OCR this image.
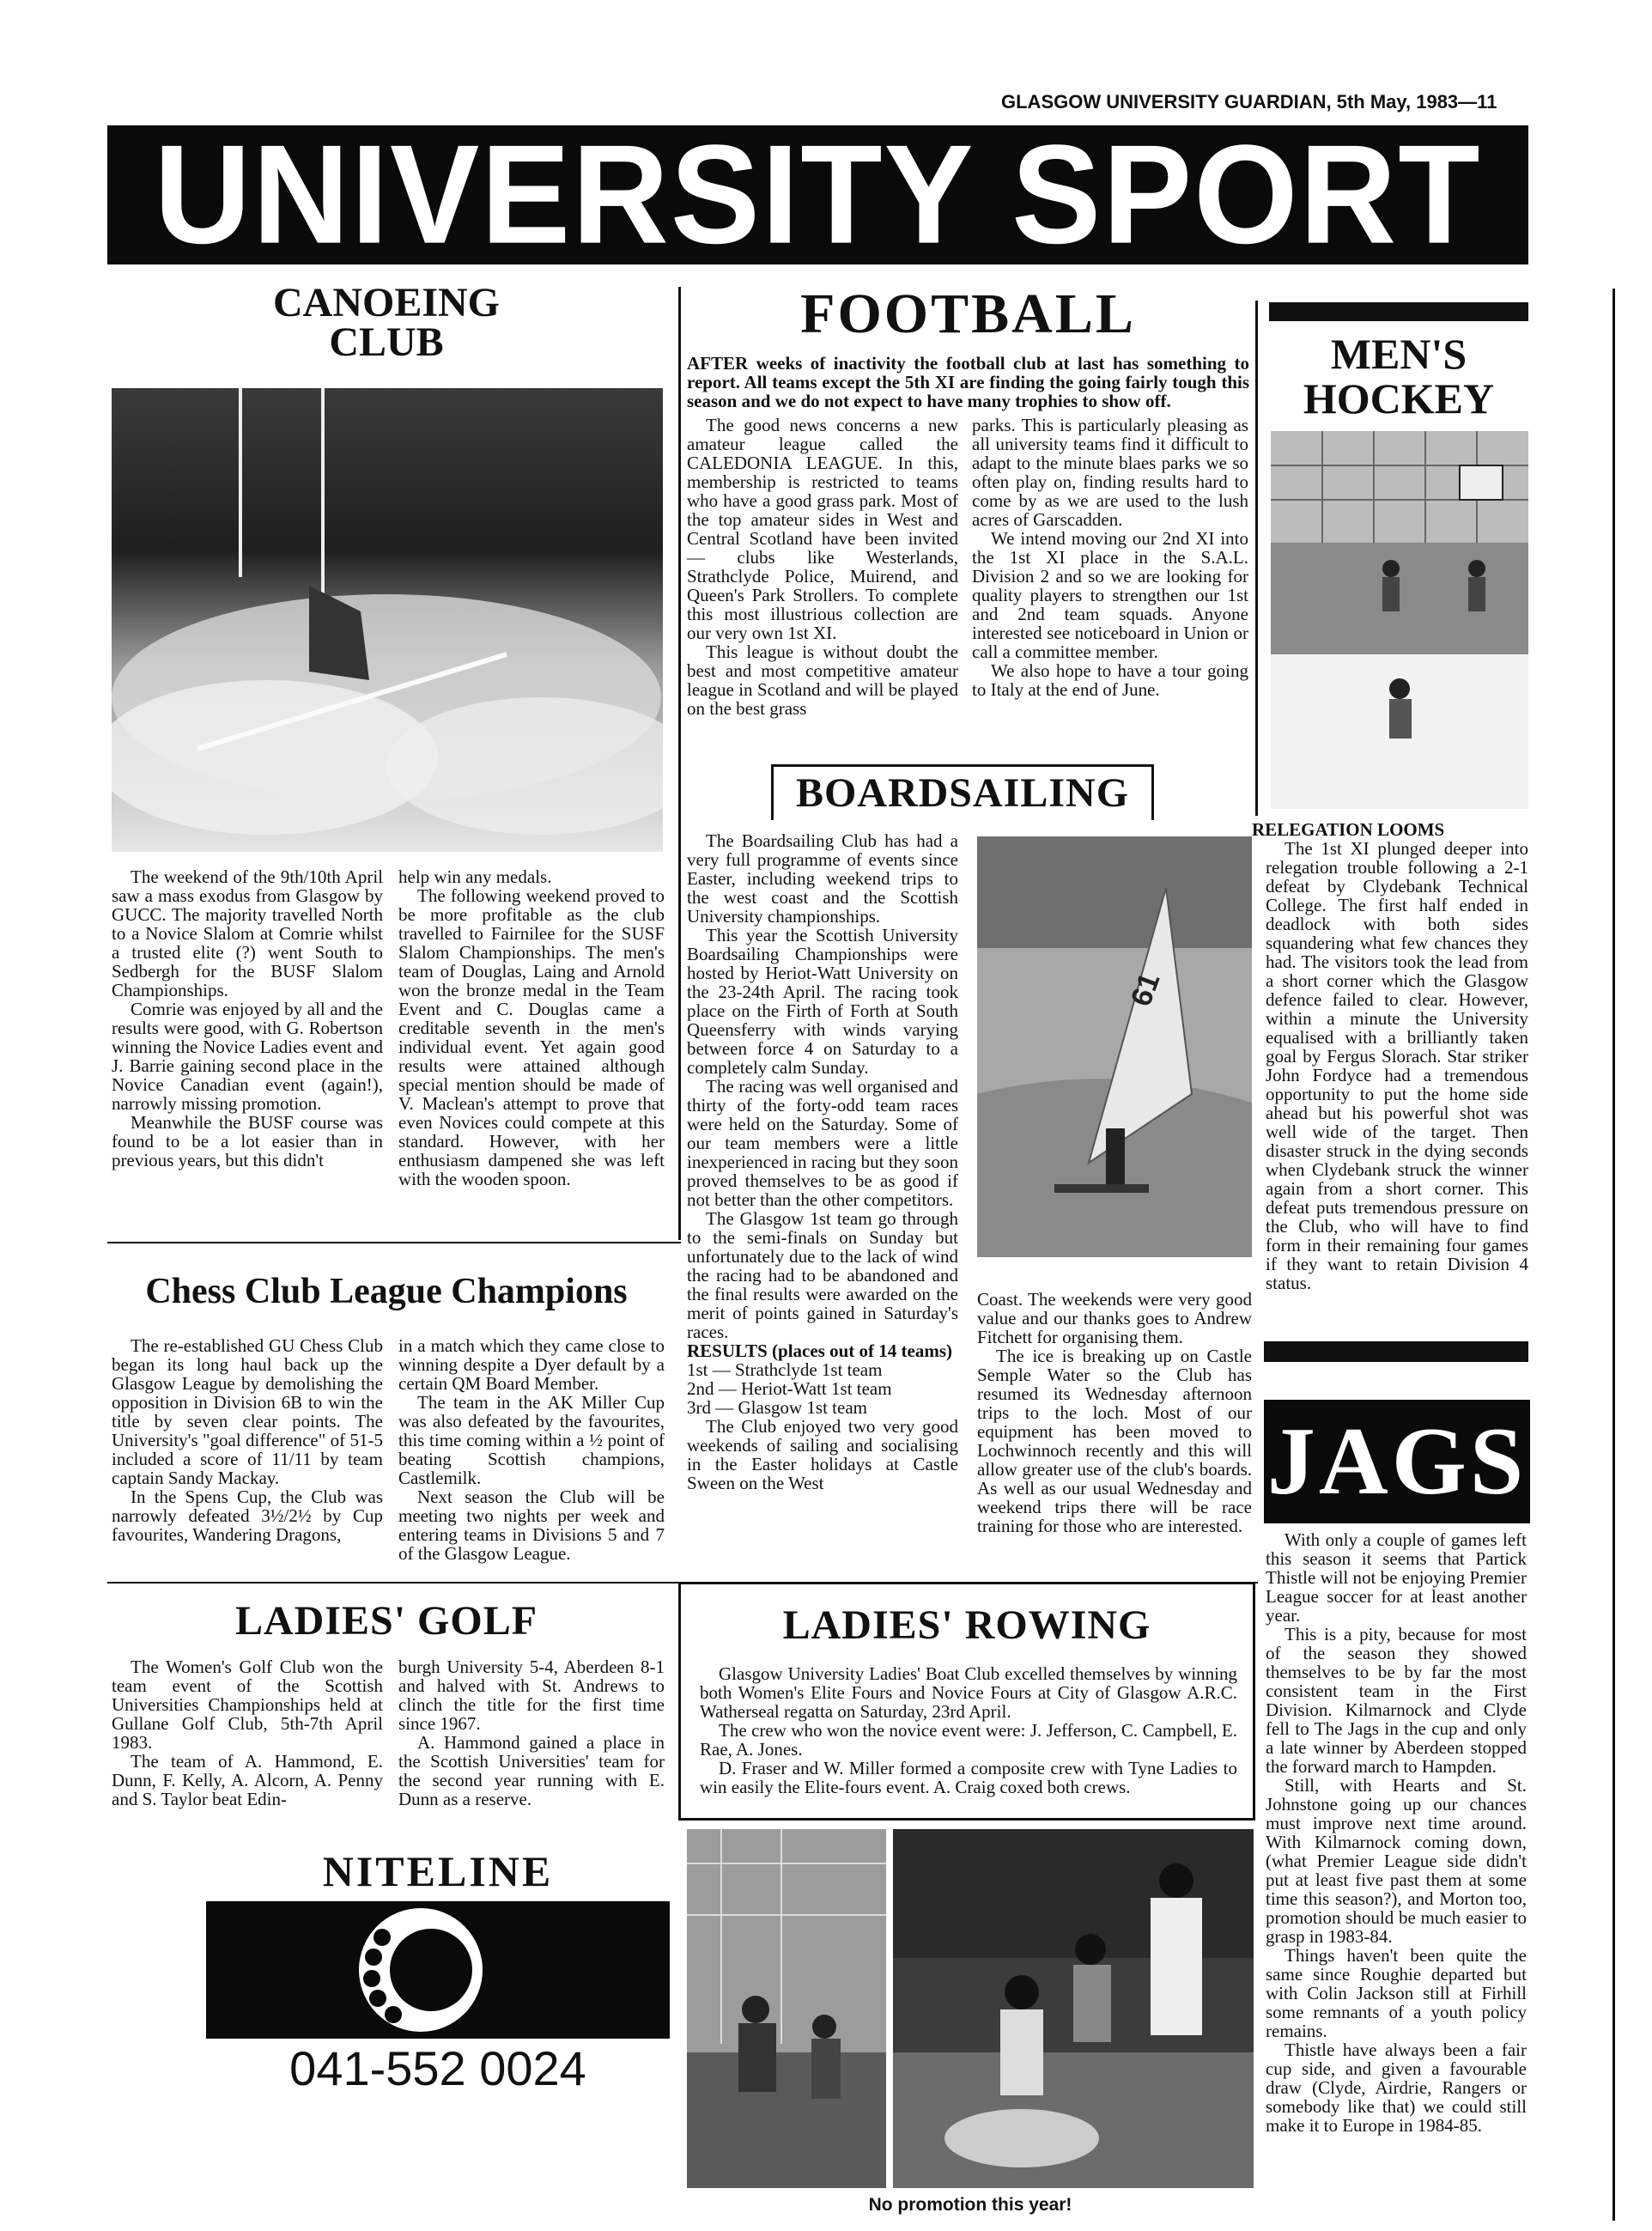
GLASGOW UNIVERSITY GUARDIAN, 5th May, 1983—11
UNIVERSITY SPORT
CANOEING
CLUB

The weekend of the 9th/10th April saw a mass exodus from Glasgow by GUCC. The majority travelled North to a Novice Slalom at Comrie whilst a trusted elite (?) went South to Sedbergh for the BUSF Slalom Championships.

Comrie was enjoyed by all and the results were good, with G. Robertson winning the Novice Ladies event and J. Barrie gaining second place in the Novice Canadian event (again!), narrowly missing promotion.

Meanwhile the BUSF course was found to be a lot easier than in previous years, but this didn't

help win any medals.

The following weekend proved to be more profitable as the club travelled to Fairnilee for the SUSF Slalom Championships. The men's team of Douglas, Laing and Arnold won the bronze medal in the Team Event and C. Douglas came a creditable seventh in the men's individual event. Yet again good results were attained although special mention should be made of V. Maclean's attempt to prove that even Novices could compete at this standard. However, with her enthusiasm dampened she was left with the wooden spoon.

Chess Club League Champions

The re-established GU Chess Club began its long haul back up the Glasgow League by demolishing the opposition in Division 6B to win the title by seven clear points. The University's "goal difference" of 51-5 included a score of 11/11 by team captain Sandy Mackay.

In the Spens Cup, the Club was narrowly defeated 3½/2½ by Cup favourites, Wandering Dragons,

in a match which they came close to winning despite a Dyer default by a certain QM Board Member.

The team in the AK Miller Cup was also defeated by the favourites, this time coming within a ½ point of beating Scottish champions, Castlemilk.

Next season the Club will be meeting two nights per week and entering teams in Divisions 5 and 7 of the Glasgow League.

FOOTBALL
AFTER weeks of inactivity the football club at last has something to report. All teams except the 5th XI are finding the going fairly tough this season and we do not expect to have many trophies to show off.

The good news concerns a new amateur league called the CALEDONIA LEAGUE. In this, membership is restricted to teams who have a good grass park. Most of the top amateur sides in West and Central Scotland have been invited — clubs like Westerlands, Strathclyde Police, Muirend, and Queen's Park Strollers. To complete this most illustrious collection are our very own 1st XI.

This league is without doubt the best and most competitive amateur league in Scotland and will be played on the best grass

parks. This is particularly pleasing as all university teams find it difficult to adapt to the minute blaes parks we so often play on, finding results hard to come by as we are used to the lush acres of Garscadden.

We intend moving our 2nd XI into the 1st XI place in the S.A.L. Division 2 and so we are looking for quality players to strengthen our 1st and 2nd team squads. Anyone interested see noticeboard in Union or call a committee member.

We also hope to have a tour going to Italy at the end of June.

BOARDSAILING

The Boardsailing Club has had a very full programme of events since Easter, including weekend trips to the west coast and the Scottish University championships.

This year the Scottish University Boardsailing Championships were hosted by Heriot-Watt University on the 23-24th April. The racing took place on the Firth of Forth at South Queensferry with winds varying between force 4 on Saturday to a completely calm Sunday.

The racing was well organised and thirty of the forty-odd team races were held on the Saturday. Some of our team members were a little inexperienced in racing but they soon proved themselves to be as good if not better than the other competitors.

The Glasgow 1st team go through to the semi-finals on Sunday but unfortunately due to the lack of wind the racing had to be abandoned and the final results were awarded on the merit of points gained in Saturday's races.

RESULTS (places out of 14 teams)
1st — Strathclyde 1st team
2nd — Heriot-Watt 1st team
3rd — Glasgow 1st team

The Club enjoyed two very good weekends of sailing and socialising in the Easter holidays at Castle Sween on the West

61

Coast. The weekends were very good value and our thanks goes to Andrew Fitchett for organising them.

The ice is breaking up on Castle Semple Water so the Club has resumed its Wednesday afternoon trips to the loch. Most of our equipment has been moved to Lochwinnoch recently and this will allow greater use of the club's boards. As well as our usual Wednesday and weekend trips there will be race training for those who are interested.

MEN'S
HOCKEY
RELEGATION LOOMS

The 1st XI plunged deeper into relegation trouble following a 2-1 defeat by Clydebank Technical College. The first half ended in deadlock with both sides squandering what few chances they had. The visitors took the lead from a short corner which the Glasgow defence failed to clear. However, within a minute the University equalised with a brilliantly taken goal by Fergus Slorach. Star striker John Fordyce had a tremendous opportunity to put the home side ahead but his powerful shot was well wide of the target. Then disaster struck in the dying seconds when Clydebank struck the winner again from a short corner. This defeat puts tremendous pressure on the Club, who will have to find form in their remaining four games if they want to retain Division 4 status.

JAGS

With only a couple of games left this season it seems that Partick Thistle will not be enjoying Premier League soccer for at least another year.

This is a pity, because for most of the season they showed themselves to be by far the most consistent team in the First Division. Kilmarnock and Clyde fell to The Jags in the cup and only a late winner by Aberdeen stopped the forward march to Hampden.

Still, with Hearts and St. Johnstone going up our chances must improve next time around. With Kilmarnock coming down, (what Premier League side didn't put at least five past them at some time this season?), and Morton too, promotion should be much easier to grasp in 1983-84.

Things haven't been quite the same since Roughie departed but with Colin Jackson still at Firhill some remnants of a youth policy remains.

Thistle have always been a fair cup side, and given a favourable draw (Clyde, Airdrie, Rangers or somebody like that) we could still make it to Europe in 1984-85.

LADIES' GOLF

The Women's Golf Club won the team event of the Scottish Universities Championships held at Gullane Golf Club, 5th-7th April 1983.

The team of A. Hammond, E. Dunn, F. Kelly, A. Alcorn, A. Penny and S. Taylor beat Edin-

burgh University 5-4, Aberdeen 8-1 and halved with St. Andrews to clinch the title for the first time since 1967.

A. Hammond gained a place in the Scottish Universities' team for the second year running with E. Dunn as a reserve.

LADIES' ROWING

Glasgow University Ladies' Boat Club excelled themselves by winning both Women's Elite Fours and Novice Fours at City of Glasgow A.R.C. Watherseal regatta on Saturday, 23rd April.

The crew who won the novice event were: J. Jefferson, C. Campbell, E. Rae, A. Jones.

D. Fraser and W. Miller formed a composite crew with Tyne Ladies to win easily the Elite-fours event. A. Craig coxed both crews.

NITELINE
041-552 0024
No promotion this year!
